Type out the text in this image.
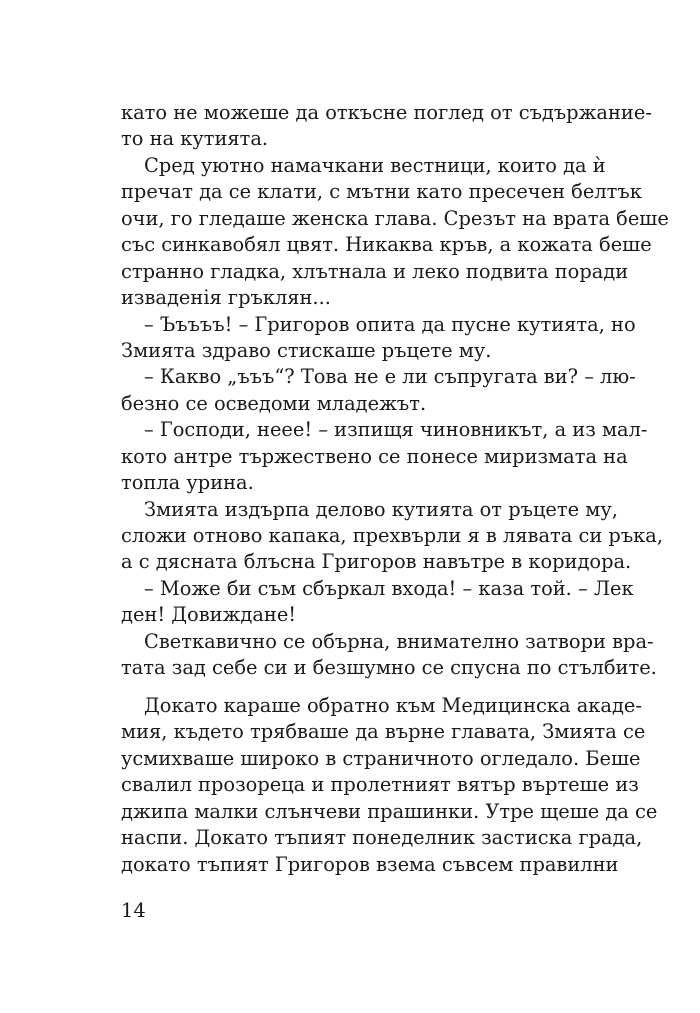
като не можеше да откъсне поглед от съдържание-
то на кутията.
Сред уютно намачкани вестници, които да ѝ
пречат да се клати, с мътни като пресечен белтък
очи, го гледаше женска глава. Срезът на врата беше
със синкавобял цвят. Никаква кръв, а кожата беше
странно гладка, хлътнала и леко подвита поради
изваденія гръклян...
– Ъъъъъ! – Григоров опита да пусне кутията, но
Змията здраво стискаше ръцете му.
– Какво „ъъъ“? Това не е ли съпругата ви? – лю-
безно се осведоми младежът.
– Господи, неее! – изпищя чиновникът, а из мал-
кото антре тържествено се понесе миризмата на
топла урина.
Змията издърпа делово кутията от ръцете му,
сложи отново капака, прехвърли я в лявата си ръка,
а с дясната блъсна Григоров навътре в коридора.
– Може би съм сбъркал входа! – каза той. – Лек
ден! Довиждане!
Светкавично се обърна, внимателно затвори вра-
тата зад себе си и безшумно се спусна по стълбите.
Докато караше обратно към Медицинска акаде-
мия, където трябваше да върне главата, Змията се
усмихваше широко в страничното огледало. Беше
свалил прозореца и пролетният вятър въртеше из
джипа малки слънчеви прашинки. Утре щеше да се
наспи. Докато тъпият понеделник застиска града,
докато тъпият Григоров взема съвсем правилни
14
